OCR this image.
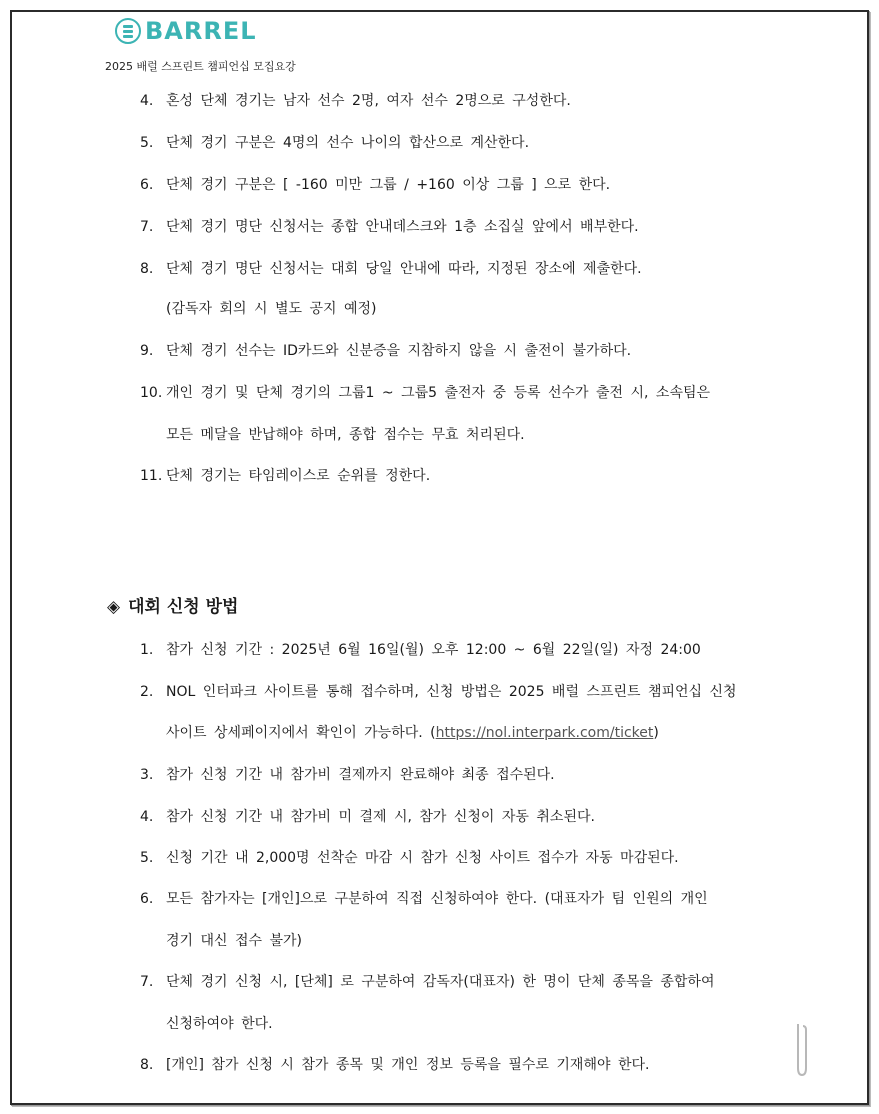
BARREL
2025 배럴 스프린트 챔피언십 모집요강
4. 혼성 단체 경기는 남자 선수 2명, 여자 선수 2명으로 구성한다.
5. 단체 경기 구분은 4명의 선수 나이의 합산으로 계산한다.
6. 단체 경기 구분은 [ -160 미만 그룹 / +160 이상 그룹 ] 으로 한다.
7. 단체 경기 명단 신청서는 종합 안내데스크와 1층 소집실 앞에서 배부한다.
8. 단체 경기 명단 신청서는 대회 당일 안내에 따라, 지정된 장소에 제출한다.
(감독자 회의 시 별도 공지 예정)
9. 단체 경기 선수는 ID카드와 신분증을 지참하지 않을 시 출전이 불가하다.
10. 개인 경기 및 단체 경기의 그룹1 ~ 그룹5 출전자 중 등록 선수가 출전 시, 소속팀은
모든 메달을 반납해야 하며, 종합 점수는 무효 처리된다.
11. 단체 경기는 타임레이스로 순위를 정한다.
◈ 대회 신청 방법
1. 참가 신청 기간 : 2025년 6월 16일(월) 오후 12:00 ~ 6월 22일(일) 자정 24:00
2. NOL 인터파크 사이트를 통해 접수하며, 신청 방법은 2025 배럴 스프린트 챔피언십 신청
사이트 상세페이지에서 확인이 가능하다. (https://nol.interpark.com/ticket)
3. 참가 신청 기간 내 참가비 결제까지 완료해야 최종 접수된다.
4. 참가 신청 기간 내 참가비 미 결제 시, 참가 신청이 자동 취소된다.
5. 신청 기간 내 2,000명 선착순 마감 시 참가 신청 사이트 접수가 자동 마감된다.
6. 모든 참가자는 [개인]으로 구분하여 직접 신청하여야 한다. (대표자가 팀 인원의 개인
경기 대신 접수 불가)
7. 단체 경기 신청 시, [단체] 로 구분하여 감독자(대표자) 한 명이 단체 종목을 종합하여
신청하여야 한다.
8. [개인] 참가 신청 시 참가 종목 및 개인 정보 등록을 필수로 기재해야 한다.
